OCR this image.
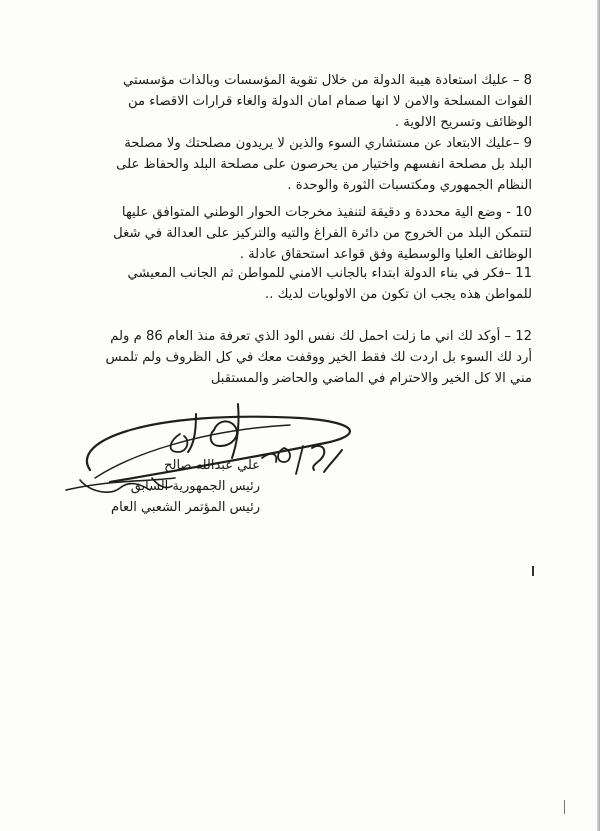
8 – عليك استعادة هيبة الدولة من خلال تقوية المؤسسات وبالذات مؤسستي
القوات المسلحة والامن لا انها صمام امان الدولة والغاء قرارات الاقصاء من
الوظائف وتسريح الالوية .
9 –عليك الابتعاد عن مستشاري السوء والذين لا يريدون مصلحتك ولا مصلحة
البلد بل مصلحة انفسهم واختيار من يحرصون على مصلحة البلد والحفاظ على
النظام الجمهوري ومكتسبات الثورة والوحدة .
10 - وضع الية محددة و دقيقة لتنفيذ مخرجات الحوار الوطني المتوافق عليها
لتتمكن البلد من الخروج من دائرة الفراغ والتيه والتركيز على العدالة في شغل
الوظائف العليا والوسطية وفق قواعد استحقاق عادلة .
11 –فكر في بناء الدولة ابتداء بالجانب الامني للمواطن ثم الجانب المعيشي
للمواطن هذه يجب ان تكون من الاولويات لديك ..
12 – أوكد لك اني ما زلت احمل لك نفس الود الذي تعرفة منذ العام 86 م ولم
أرد لك السوء بل اردت لك فقط الخير ووقفت معك في كل الظروف ولم تلمس
مني الا كل الخير والاحترام في الماضي والحاضر والمستقبل
علي عبدالله صالح
رئيس الجمهورية السابق
رئيس المؤتمر الشعبي العام
